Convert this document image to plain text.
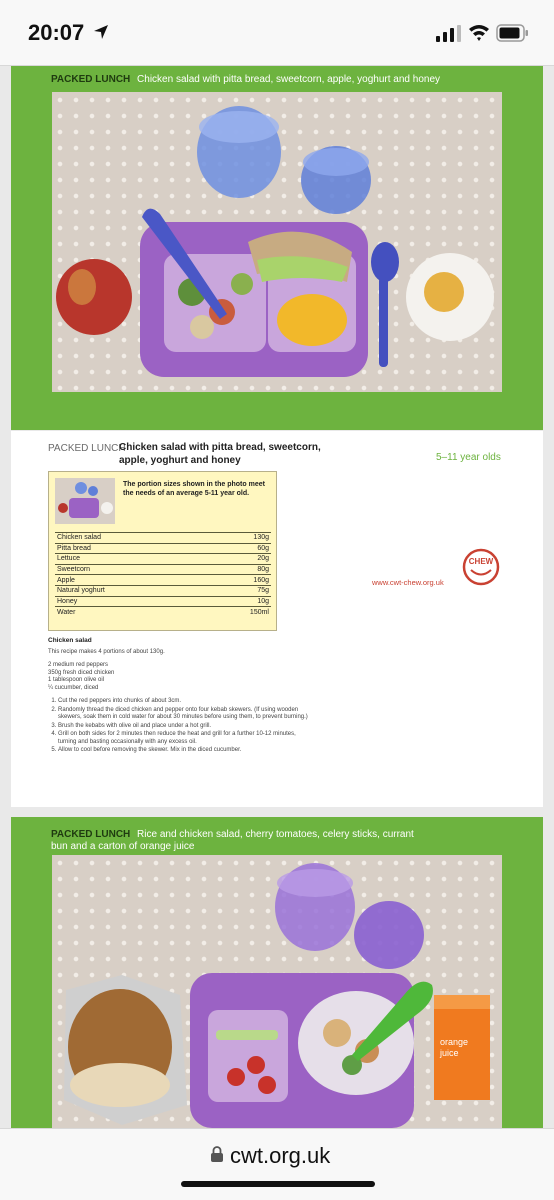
20:07
PACKED LUNCH Chicken salad with pitta bread, sweetcorn, apple, yoghurt and honey
PACKED LUNCH
Chicken salad with pitta bread, sweetcorn, apple, yoghurt and honey	5–11 year olds
The portion sizes shown in the photo meet the needs of an average 5-11 year old.
Chicken salad	130g
Pitta bread	60g
Lettuce	20g
Sweetcorn	80g
Apple	160g
Natural yoghurt	75g
Honey	10g
Water	150ml
Chicken salad
This recipe makes 4 portions of about 130g.
2 medium red peppers
350g fresh diced chicken
1 tablespoon olive oil
¼ cucumber, diced
1. Cut the red peppers into chunks of about 3cm.
2. Randomly thread the diced chicken and pepper onto four kebab skewers. (If using wooden skewers, soak them in cold water for about 30 minutes before using them, to prevent burning.)
3. Brush the kebabs with olive oil and place under a hot grill.
4. Grill on both sides for 2 minutes then reduce the heat and grill for a further 10-12 minutes, turning and basting occasionally with any excess oil.
5. Allow to cool before removing the skewer. Mix in the diced cucumber.
CHEW
www.cwt-chew.org.uk
PACKED LUNCH Rice and chicken salad, cherry tomatoes, celery sticks, currant
bun and a carton of orange juice
orange
juice
cwt.org.uk
